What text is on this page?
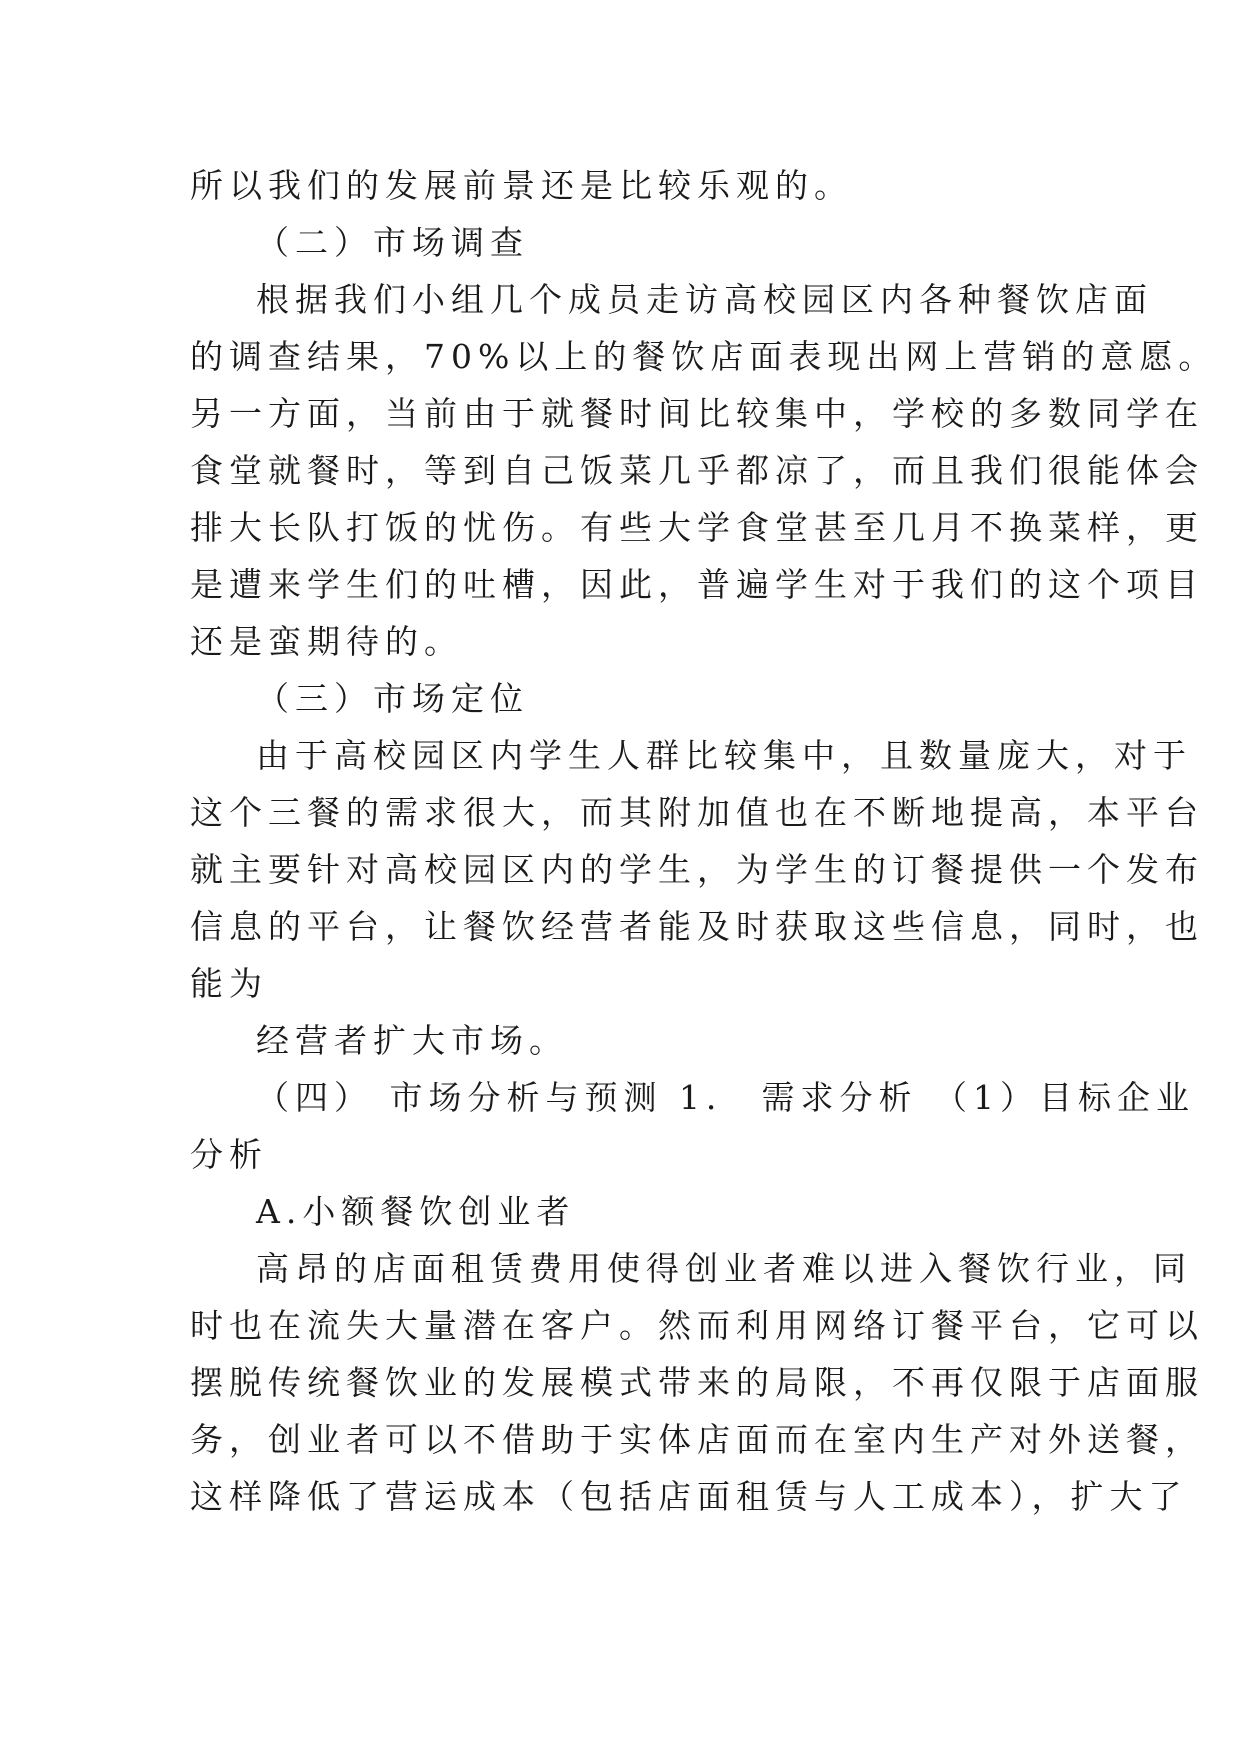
所以我们的发展前景还是比较乐观的。
（二）市场调查
根据我们小组几个成员走访高校园区内各种餐饮店面
的调查结果，70%以上的餐饮店面表现出网上营销的意愿。
另一方面，当前由于就餐时间比较集中，学校的多数同学在
食堂就餐时，等到自己饭菜几乎都凉了，而且我们很能体会
排大长队打饭的忧伤。有些大学食堂甚至几月不换菜样，更
是遭来学生们的吐槽，因此，普遍学生对于我们的这个项目
还是蛮期待的。
（三）市场定位
由于高校园区内学生人群比较集中，且数量庞大，对于
这个三餐的需求很大，而其附加值也在不断地提高，本平台
就主要针对高校园区内的学生，为学生的订餐提供一个发布
信息的平台，让餐饮经营者能及时获取这些信息，同时，也
能为
经营者扩大市场。
（四） 市场分析与预测 1． 需求分析 （1）目标企业
分析
A.小额餐饮创业者
高昂的店面租赁费用使得创业者难以进入餐饮行业，同
时也在流失大量潜在客户。然而利用网络订餐平台，它可以
摆脱传统餐饮业的发展模式带来的局限，不再仅限于店面服
务，创业者可以不借助于实体店面而在室内生产对外送餐，
这样降低了营运成本（包括店面租赁与人工成本），扩大了
